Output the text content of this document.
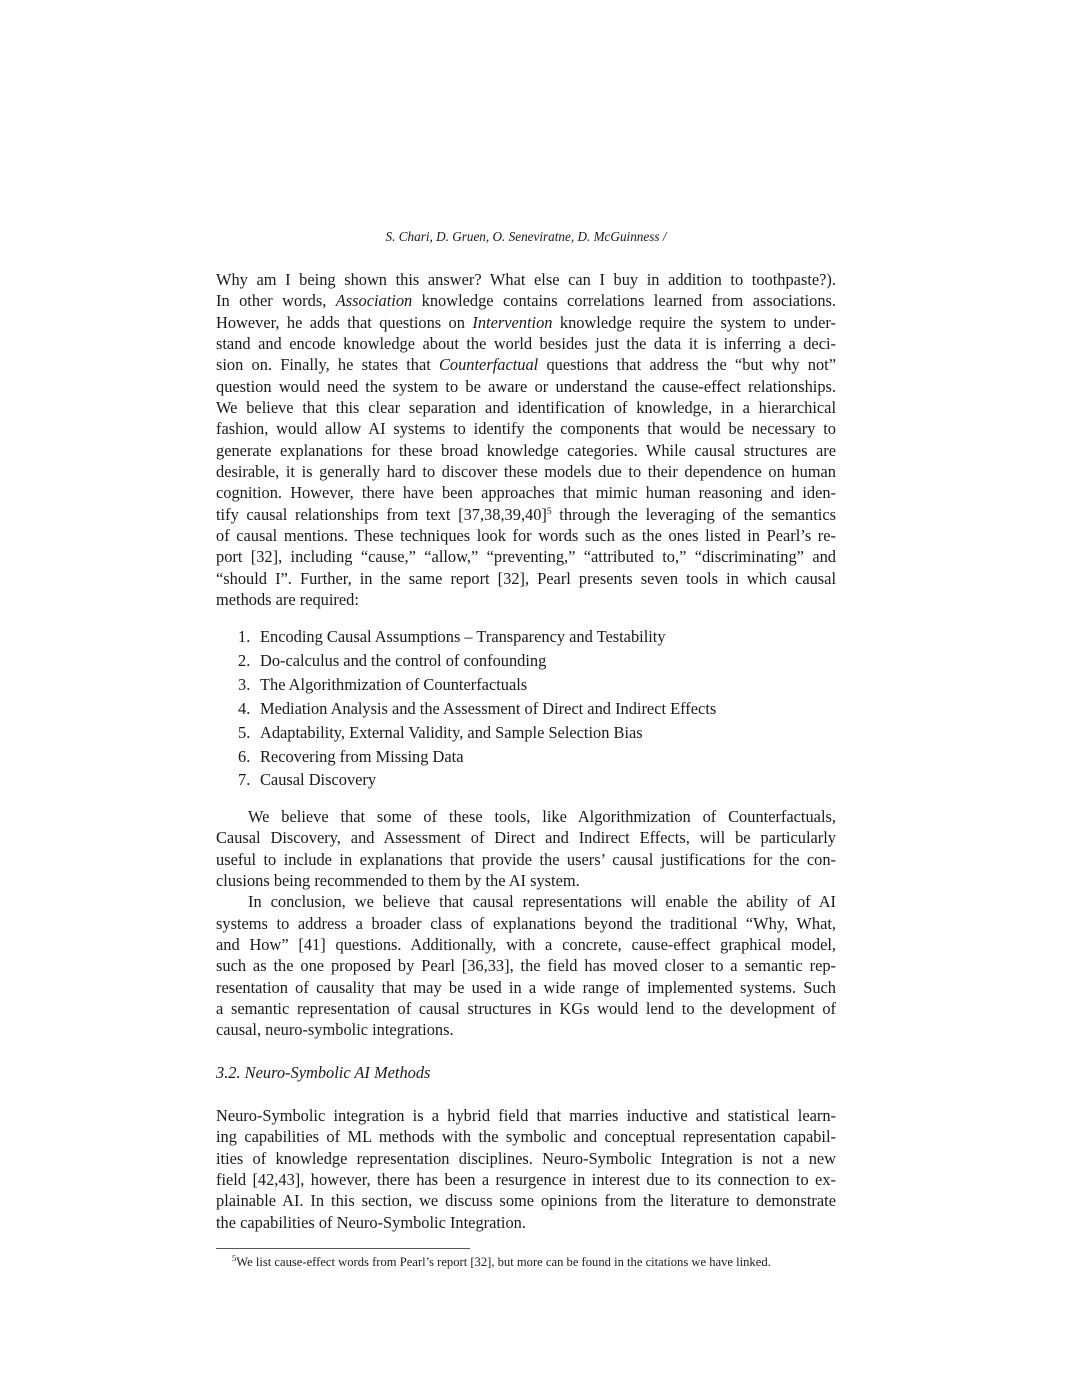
S. Chari, D. Gruen, O. Seneviratne, D. McGuinness /
Why am I being shown this answer? What else can I buy in addition to toothpaste?).
In other words, Association knowledge contains correlations learned from associations.
However, he adds that questions on Intervention knowledge require the system to under-
stand and encode knowledge about the world besides just the data it is inferring a deci-
sion on. Finally, he states that Counterfactual questions that address the “but why not”
question would need the system to be aware or understand the cause-effect relationships.
We believe that this clear separation and identification of knowledge, in a hierarchical
fashion, would allow AI systems to identify the components that would be necessary to
generate explanations for these broad knowledge categories. While causal structures are
desirable, it is generally hard to discover these models due to their dependence on human
cognition. However, there have been approaches that mimic human reasoning and iden-
tify causal relationships from text $[37,38,39,40]^5$ through the leveraging of the semantics
of causal mentions. These techniques look for words such as the ones listed in Pearl’s re-
port [32], including “cause,” “allow,” “preventing,” “attributed to,” “discriminating” and
“should I”. Further, in the same report [32], Pearl presents seven tools in which causal
methods are required:
1. Encoding Causal Assumptions – Transparency and Testability
2. Do-calculus and the control of confounding
3. The Algorithmization of Counterfactuals
4. Mediation Analysis and the Assessment of Direct and Indirect Effects
5. Adaptability, External Validity, and Sample Selection Bias
6. Recovering from Missing Data
7. Causal Discovery
We believe that some of these tools, like Algorithmization of Counterfactuals,
Causal Discovery, and Assessment of Direct and Indirect Effects, will be particularly
useful to include in explanations that provide the users’ causal justifications for the con-
clusions being recommended to them by the AI system.
In conclusion, we believe that causal representations will enable the ability of AI
systems to address a broader class of explanations beyond the traditional “Why, What,
and How” [41] questions. Additionally, with a concrete, cause-effect graphical model,
such as the one proposed by Pearl [36,33], the field has moved closer to a semantic rep-
resentation of causality that may be used in a wide range of implemented systems. Such
a semantic representation of causal structures in KGs would lend to the development of
causal, neuro-symbolic integrations.
3.2. Neuro-Symbolic AI Methods
Neuro-Symbolic integration is a hybrid field that marries inductive and statistical learn-
ing capabilities of ML methods with the symbolic and conceptual representation capabil-
ities of knowledge representation disciplines. Neuro-Symbolic Integration is not a new
field [42,43], however, there has been a resurgence in interest due to its connection to ex-
plainable AI. In this section, we discuss some opinions from the literature to demonstrate
the capabilities of Neuro-Symbolic Integration.
$^5$We list cause-effect words from Pearl’s report [32], but more can be found in the citations we have linked.
